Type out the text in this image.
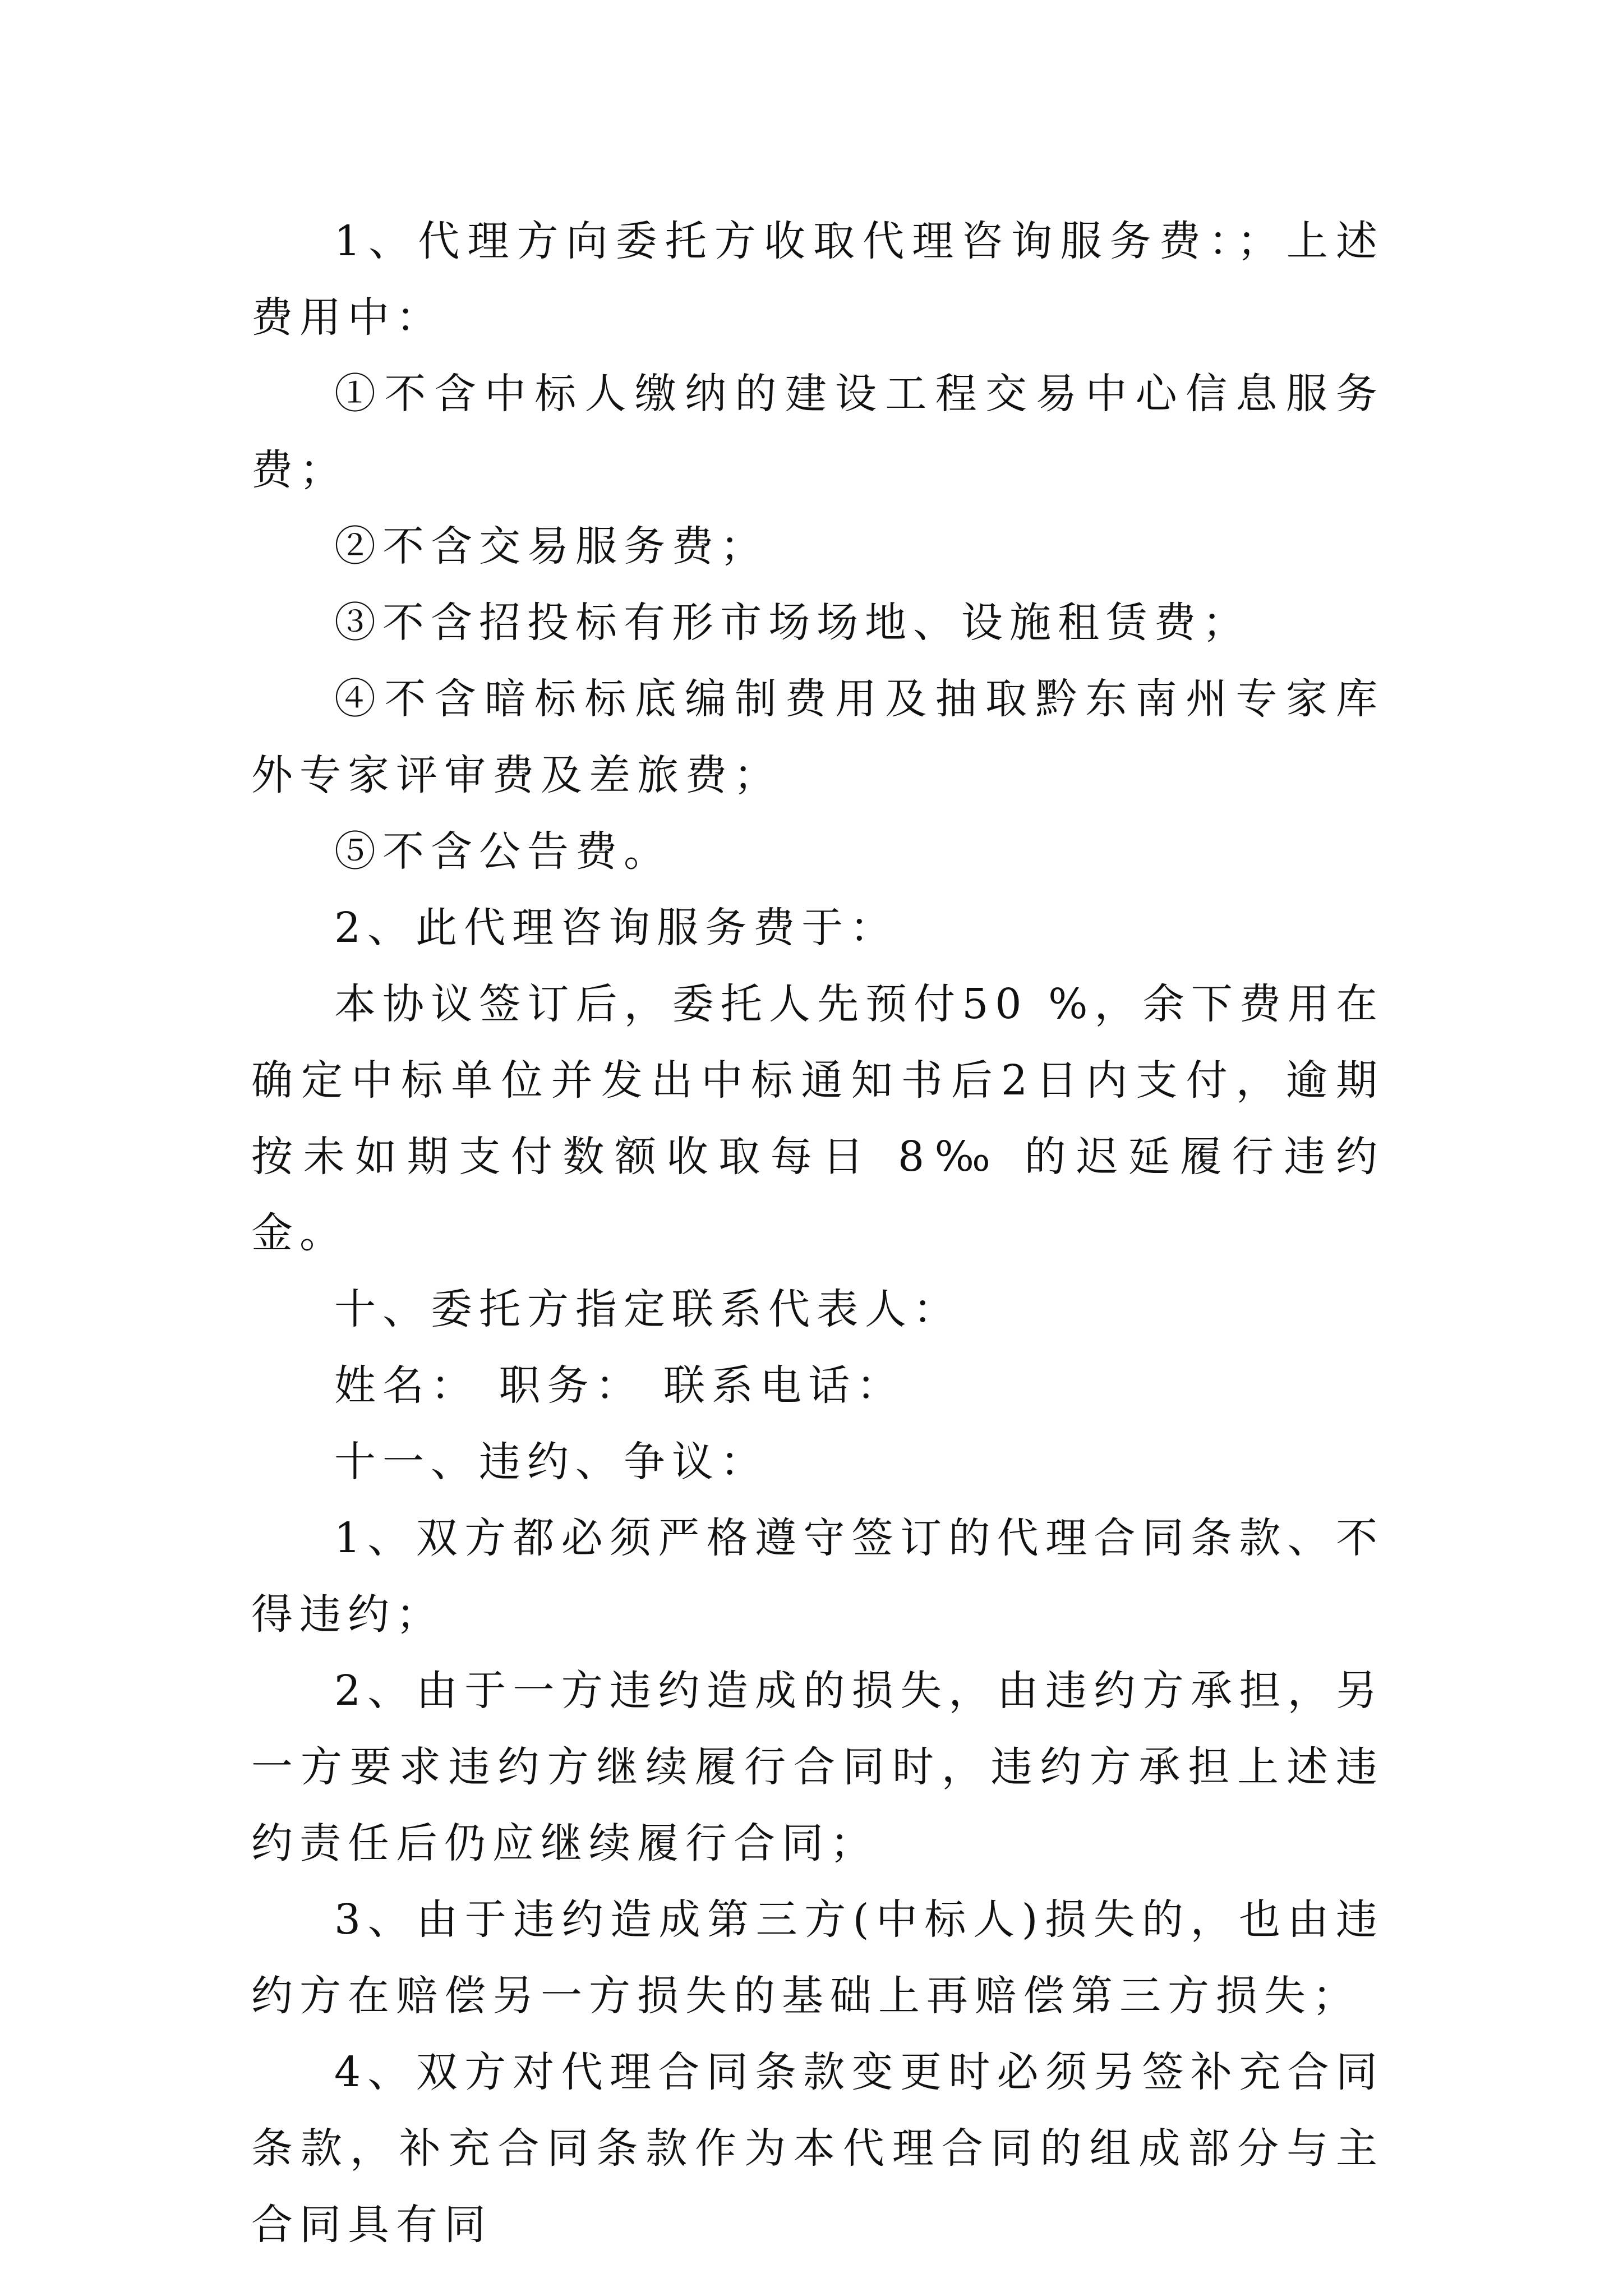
1、代理方向委托方收取代理咨询服务费：；上述费用中：

①不含中标人缴纳的建设工程交易中心信息服务费；

②不含交易服务费；

③不含招投标有形市场场地、设施租赁费；

④不含暗标标底编制费用及抽取黔东南州专家库外专家评审费及差旅费；

⑤不含公告费。

2、此代理咨询服务费于：

本协议签订后，委托人先预付50 %，余下费用在确定中标单位并发出中标通知书后2日内支付，逾期按未如期支付数额收取每日 8‰ 的迟延履行违约金。

十、委托方指定联系代表人：

姓名： 职务： 联系电话：

十一、违约、争议：

1、双方都必须严格遵守签订的代理合同条款、不得违约；

2、由于一方违约造成的损失，由违约方承担，另一方要求违约方继续履行合同时，违约方承担上述违约责任后仍应继续履行合同；

3、由于违约造成第三方(中标人)损失的，也由违约方在赔偿另一方损失的基础上再赔偿第三方损失；

4、双方对代理合同条款变更时必须另签补充合同条款，补充合同条款作为本代理合同的组成部分与主合同具有同
